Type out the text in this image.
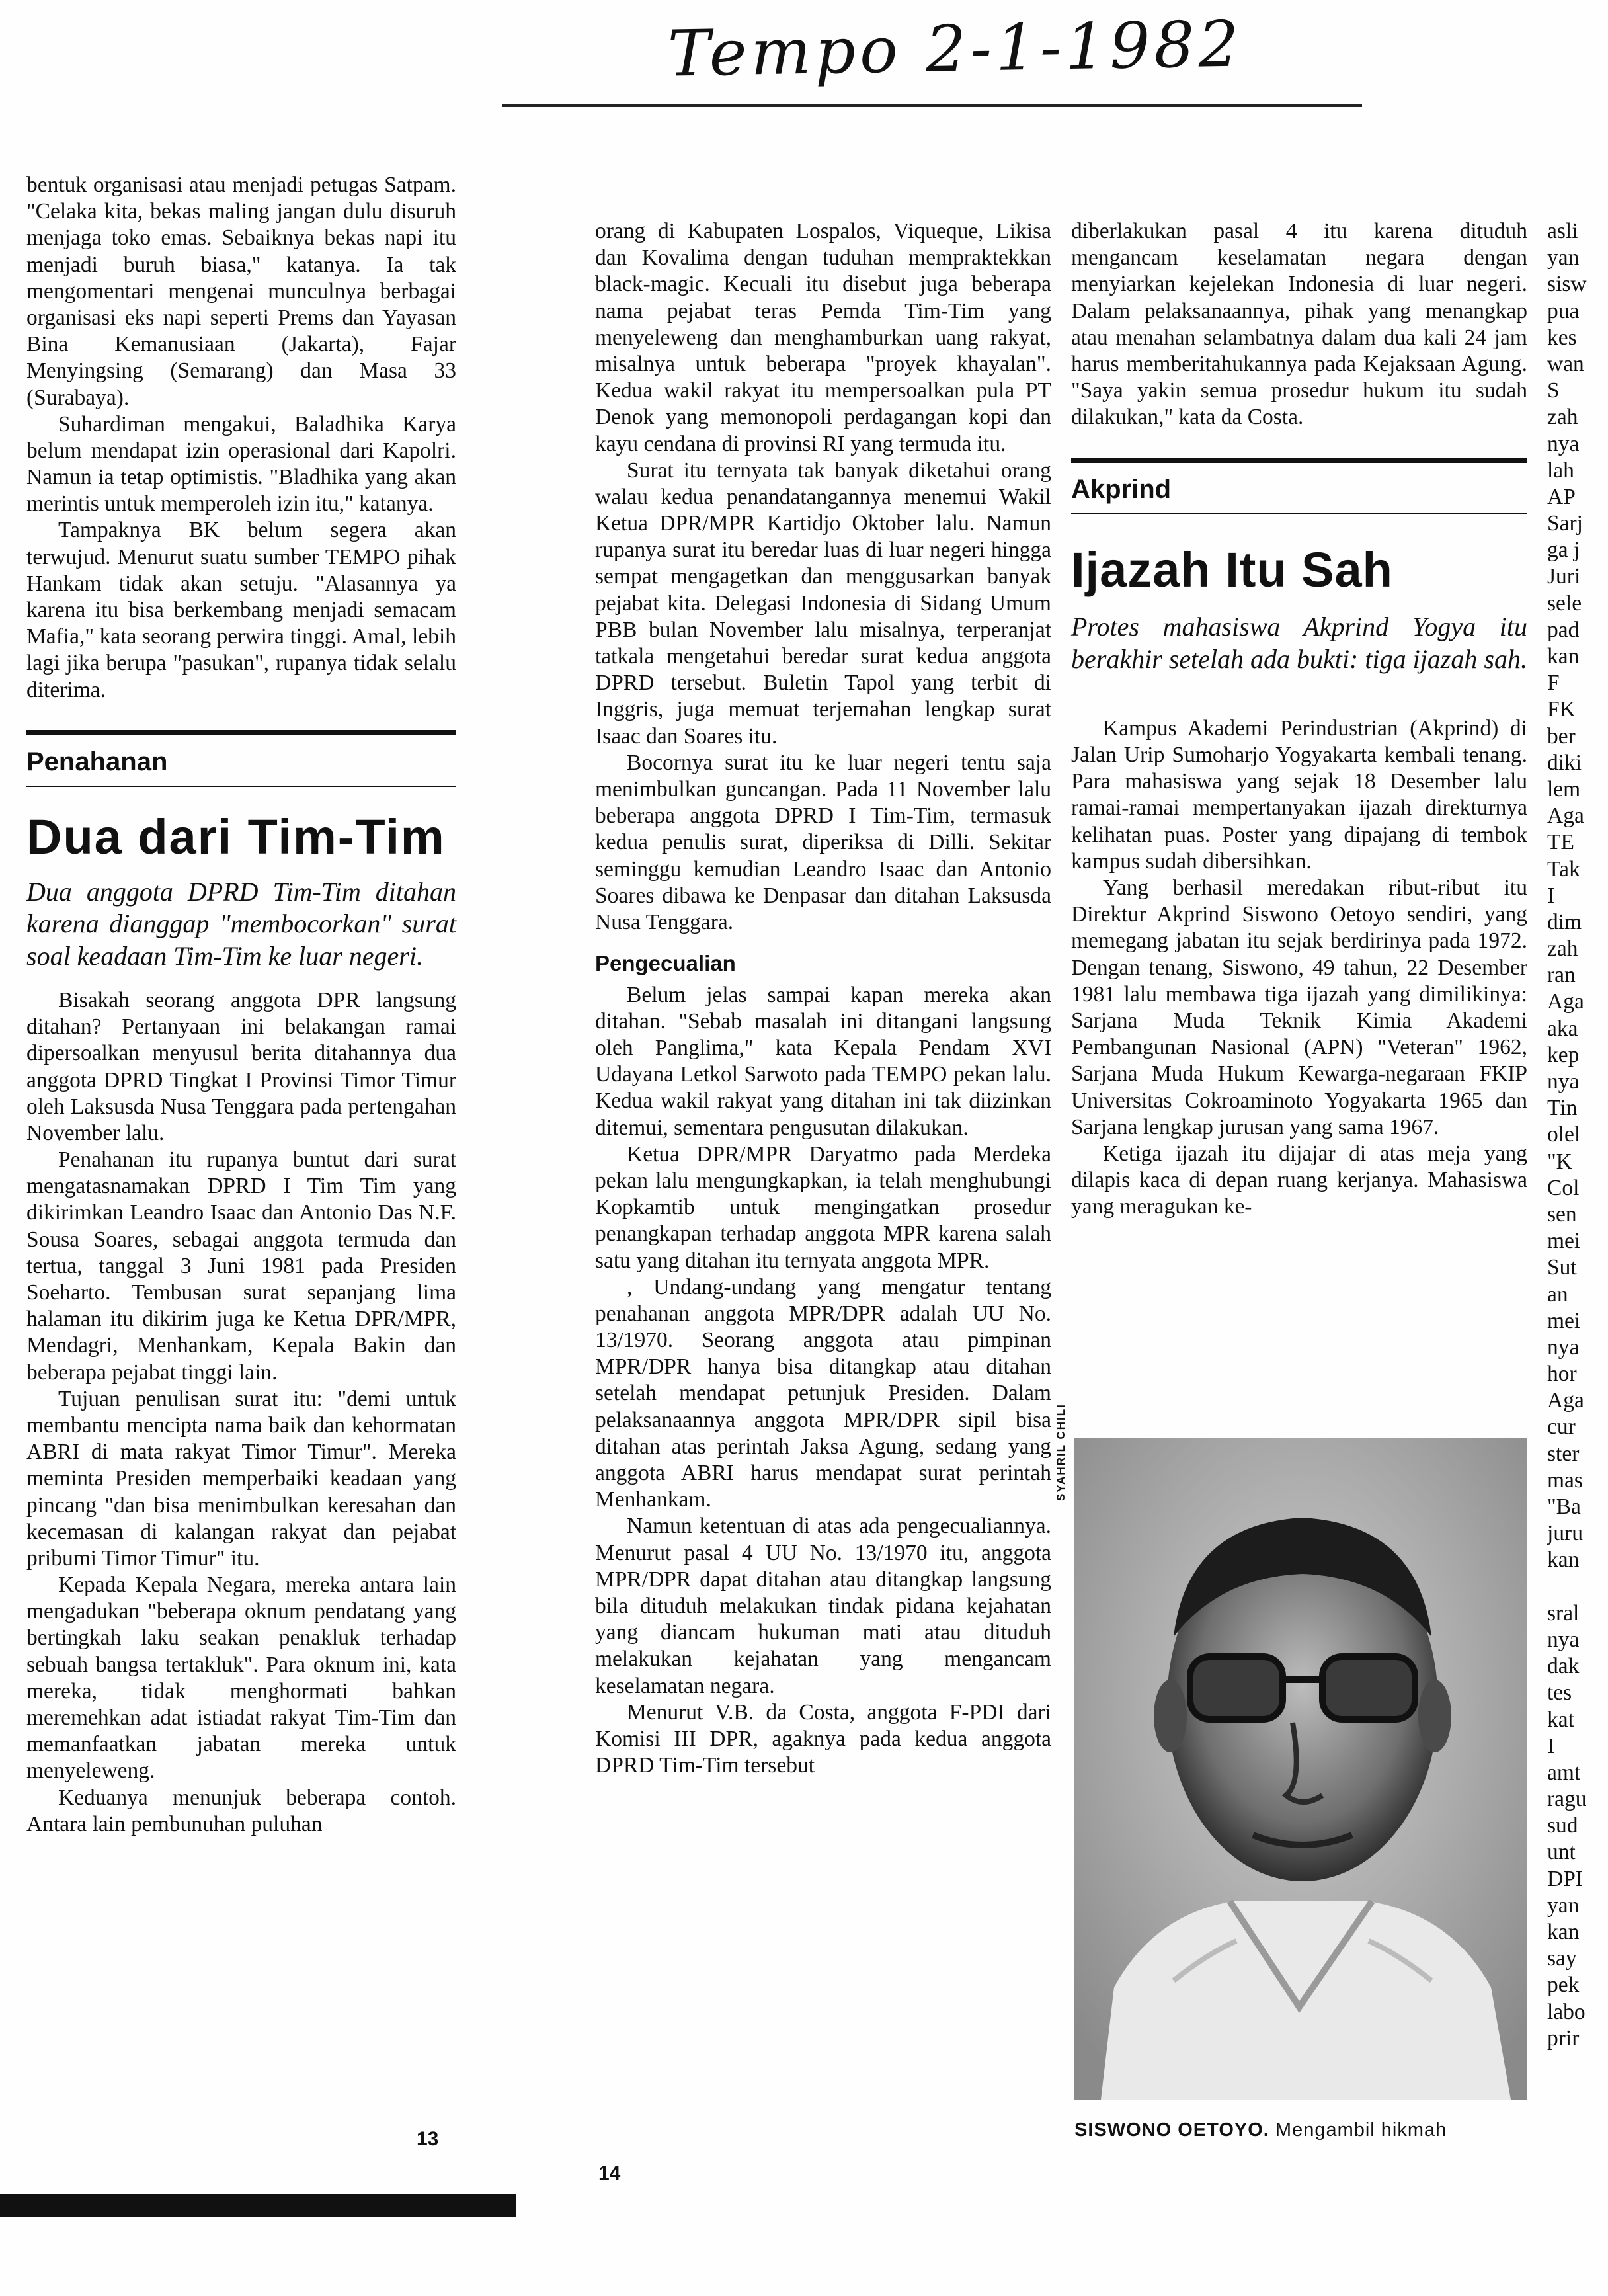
Tempo 2-1-1982

bentuk organisasi atau menjadi petugas Satpam. "Celaka kita, bekas maling jangan dulu disuruh menjaga toko emas. Sebaiknya bekas napi itu menjadi buruh biasa," katanya. Ia tak mengomentari mengenai munculnya berbagai organisasi eks napi seperti Prems dan Yayasan Bina Kemanusiaan (Jakarta), Fajar Menyingsing (Semarang) dan Masa 33 (Surabaya).

Suhardiman mengakui, Baladhika Karya belum mendapat izin operasional dari Kapolri. Namun ia tetap optimistis. "Bladhika yang akan merintis untuk memperoleh izin itu," katanya.

Tampaknya BK belum segera akan terwujud. Menurut suatu sumber TEMPO pihak Hankam tidak akan setuju. "Alasannya ya karena itu bisa berkembang menjadi semacam Mafia," kata seorang perwira tinggi. Amal, lebih lagi jika berupa "pasukan", rupanya tidak selalu diterima.

Penahanan
Dua dari Tim-Tim
Dua anggota DPRD Tim-Tim ditahan karena dianggap "membocorkan" surat soal keadaan Tim-Tim ke luar negeri.

Bisakah seorang anggota DPR langsung ditahan? Pertanyaan ini belakangan ramai dipersoalkan menyusul berita ditahannya dua anggota DPRD Tingkat I Provinsi Timor Timur oleh Laksusda Nusa Tenggara pada pertengahan November lalu.

Penahanan itu rupanya buntut dari surat mengatasnamakan DPRD I Tim Tim yang dikirimkan Leandro Isaac dan Antonio Das N.F. Sousa Soares, sebagai anggota termuda dan tertua, tanggal 3 Juni 1981 pada Presiden Soeharto. Tembusan surat sepanjang lima halaman itu dikirim juga ke Ketua DPR/MPR, Mendagri, Menhankam, Kepala Bakin dan beberapa pejabat tinggi lain.

Tujuan penulisan surat itu: "demi untuk membantu mencipta nama baik dan kehormatan ABRI di mata rakyat Timor Timur". Mereka meminta Presiden memperbaiki keadaan yang pincang "dan bisa menimbulkan keresahan dan kecemasan di kalangan rakyat dan pejabat pribumi Timor Timur" itu.

Kepada Kepala Negara, mereka antara lain mengadukan "beberapa oknum pendatang yang bertingkah laku seakan penakluk terhadap sebuah bangsa tertakluk". Para oknum ini, kata mereka, tidak menghormati bahkan meremehkan adat istiadat rakyat Tim-Tim dan memanfaatkan jabatan mereka untuk menyeleweng.

Keduanya menunjuk beberapa contoh. Antara lain pembunuhan puluhan

13

orang di Kabupaten Lospalos, Viqueque, Likisa dan Kovalima dengan tuduhan mempraktekkan black-magic. Kecuali itu disebut juga beberapa nama pejabat teras Pemda Tim-Tim yang menyeleweng dan menghamburkan uang rakyat, misalnya untuk beberapa "proyek khayalan". Kedua wakil rakyat itu mempersoalkan pula PT Denok yang memonopoli perdagangan kopi dan kayu cendana di provinsi RI yang termuda itu.

Surat itu ternyata tak banyak diketahui orang walau kedua penandatangannya menemui Wakil Ketua DPR/MPR Kartidjo Oktober lalu. Namun rupanya surat itu beredar luas di luar negeri hingga sempat mengagetkan dan menggusarkan banyak pejabat kita. Delegasi Indonesia di Sidang Umum PBB bulan November lalu misalnya, terperanjat tatkala mengetahui beredar surat kedua anggota DPRD tersebut. Buletin Tapol yang terbit di Inggris, juga memuat terjemahan lengkap surat Isaac dan Soares itu.

Bocornya surat itu ke luar negeri tentu saja menimbulkan guncangan. Pada 11 November lalu beberapa anggota DPRD I Tim-Tim, termasuk kedua penulis surat, diperiksa di Dilli. Sekitar seminggu kemudian Leandro Isaac dan Antonio Soares dibawa ke Denpasar dan ditahan Laksusda Nusa Tenggara.

Pengecualian

Belum jelas sampai kapan mereka akan ditahan. "Sebab masalah ini ditangani langsung oleh Panglima," kata Kepala Pendam XVI Udayana Letkol Sarwoto pada TEMPO pekan lalu. Kedua wakil rakyat yang ditahan ini tak diizinkan ditemui, sementara pengusutan dilakukan.

Ketua DPR/MPR Daryatmo pada Merdeka pekan lalu mengungkapkan, ia telah menghubungi Kopkamtib untuk mengingatkan prosedur penangkapan terhadap anggota MPR karena salah satu yang ditahan itu ternyata anggota MPR.

, Undang-undang yang mengatur tentang penahanan anggota MPR/DPR adalah UU No. 13/1970. Seorang anggota atau pimpinan MPR/DPR hanya bisa ditangkap atau ditahan setelah mendapat petunjuk Presiden. Dalam pelaksanaannya anggota MPR/DPR sipil bisa ditahan atas perintah Jaksa Agung, sedang yang anggota ABRI harus mendapat surat perintah Menhankam.

Namun ketentuan di atas ada pengecualiannya. Menurut pasal 4 UU No. 13/1970 itu, anggota MPR/DPR dapat ditahan atau ditangkap langsung bila dituduh melakukan tindak pidana kejahatan yang diancam hukuman mati atau dituduh melakukan kejahatan yang mengancam keselamatan negara.

Menurut V.B. da Costa, anggota F-PDI dari Komisi III DPR, agaknya pada kedua anggota DPRD Tim-Tim tersebut

14

diberlakukan pasal 4 itu karena dituduh mengancam keselamatan negara dengan menyiarkan kejelekan Indonesia di luar negeri. Dalam pelaksanaannya, pihak yang menangkap atau menahan selambatnya dalam dua kali 24 jam harus memberitahukannya pada Kejaksaan Agung. "Saya yakin semua prosedur hukum itu sudah dilakukan," kata da Costa.

Akprind
Ijazah Itu Sah
Protes mahasiswa Akprind Yogya itu berakhir setelah ada bukti: tiga ijazah sah.

Kampus Akademi Perindustrian (Akprind) di Jalan Urip Sumoharjo Yogyakarta kembali tenang. Para mahasiswa yang sejak 18 Desember lalu ramai-ramai mempertanyakan ijazah direkturnya kelihatan puas. Poster yang dipajang di tembok kampus sudah dibersihkan.

Yang berhasil meredakan ribut-ribut itu Direktur Akprind Siswono Oetoyo sendiri, yang memegang jabatan itu sejak berdirinya pada 1972. Dengan tenang, Siswono, 49 tahun, 22 Desember 1981 lalu membawa tiga ijazah yang dimilikinya: Sarjana Muda Teknik Kimia Akademi Pembangunan Nasional (APN) "Veteran" 1962, Sarjana Muda Hukum Kewarga-negaraan FKIP Universitas Cokroaminoto Yogyakarta 1965 dan Sarjana lengkap jurusan yang sama 1967.

Ketiga ijazah itu dijajar di atas meja yang dilapis kaca di depan ruang kerjanya. Mahasiswa yang meragukan ke-

SYAHRIL CHILI
SISWONO OETOYO. Mengambil hikmah
asli
yan
sisw
pua
kes
wan
S
zah
nya
lah
AP
Sarj
ga j
Juri
sele
pad
kan
F
FK
ber
diki
lem
Aga
TE
Tak
I
dim
zah
ran
Aga
aka
kep
nya
Tin
olel
"K
Col
sen
mei
Sut
an
mei
nya
hor
Aga
cur
ster
mas
"Ba
juru
kan

sral
nya
dak
tes
kat
I
amt
ragu
sud
unt
DPI
yan
kan
say
pek
labo
prir
